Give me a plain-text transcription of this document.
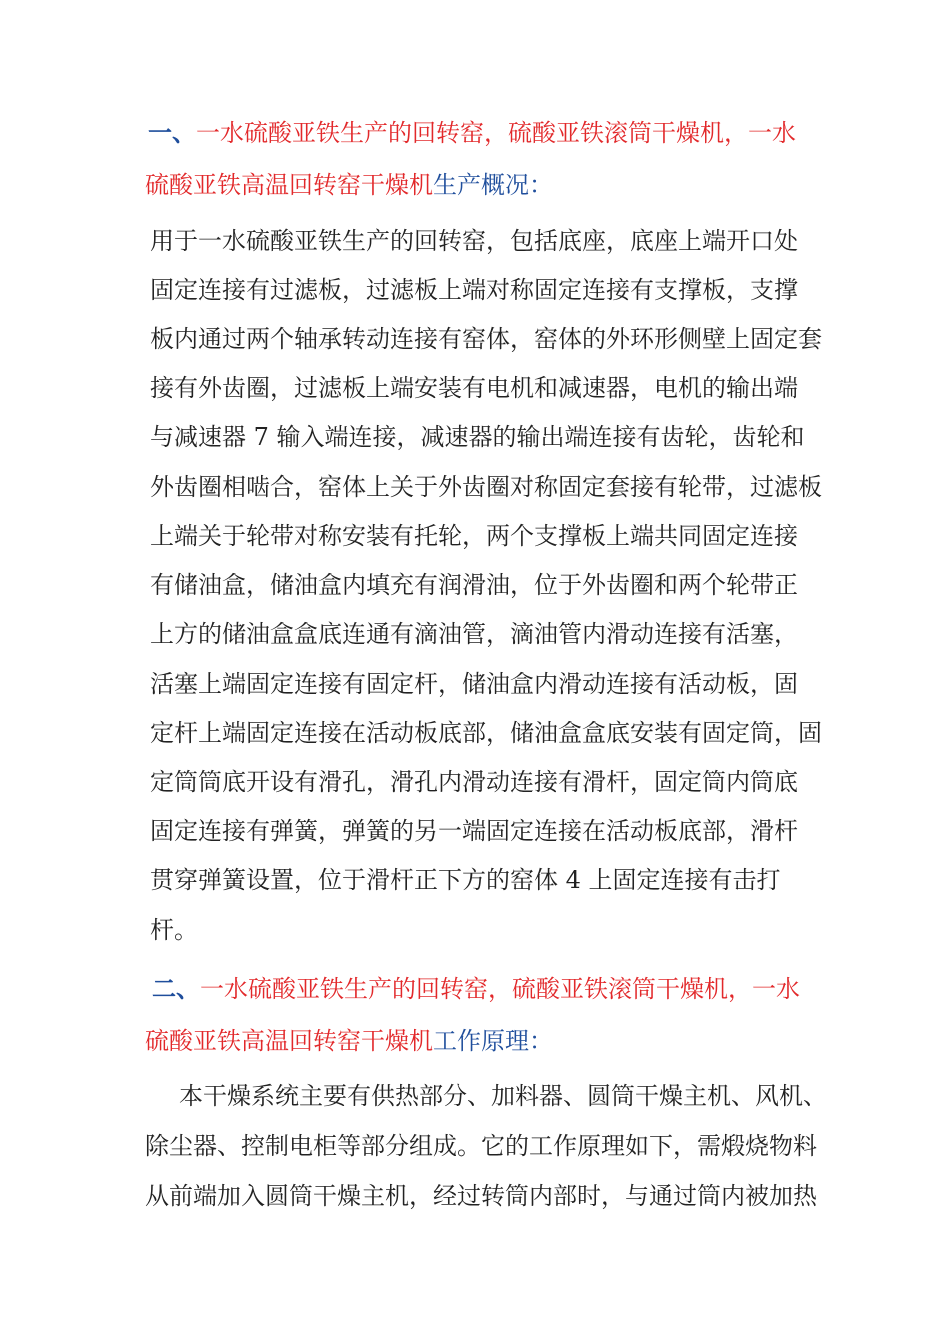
一、一水硫酸亚铁生产的回转窑，硫酸亚铁滚筒干燥机，一水
硫酸亚铁高温回转窑干燥机生产概况：
用于一水硫酸亚铁生产的回转窑，包括底座，底座上端开口处
固定连接有过滤板，过滤板上端对称固定连接有支撑板，支撑
板内通过两个轴承转动连接有窑体，窑体的外环形侧壁上固定套
接有外齿圈，过滤板上端安装有电机和减速器，电机的输出端
与减速器 7 输入端连接，减速器的输出端连接有齿轮，齿轮和
外齿圈相啮合，窑体上关于外齿圈对称固定套接有轮带，过滤板
上端关于轮带对称安装有托轮，两个支撑板上端共同固定连接
有储油盒，储油盒内填充有润滑油，位于外齿圈和两个轮带正
上方的储油盒盒底连通有滴油管，滴油管内滑动连接有活塞，
活塞上端固定连接有固定杆，储油盒内滑动连接有活动板，固
定杆上端固定连接在活动板底部，储油盒盒底安装有固定筒，固
定筒筒底开设有滑孔，滑孔内滑动连接有滑杆，固定筒内筒底
固定连接有弹簧，弹簧的另一端固定连接在活动板底部，滑杆
贯穿弹簧设置，位于滑杆正下方的窑体 4 上固定连接有击打
杆。
二、一水硫酸亚铁生产的回转窑，硫酸亚铁滚筒干燥机，一水
硫酸亚铁高温回转窑干燥机工作原理：
本干燥系统主要有供热部分、加料器、圆筒干燥主机、风机、
除尘器、控制电柜等部分组成。它的工作原理如下，需煅烧物料
从前端加入圆筒干燥主机，经过转筒内部时，与通过筒内被加热
